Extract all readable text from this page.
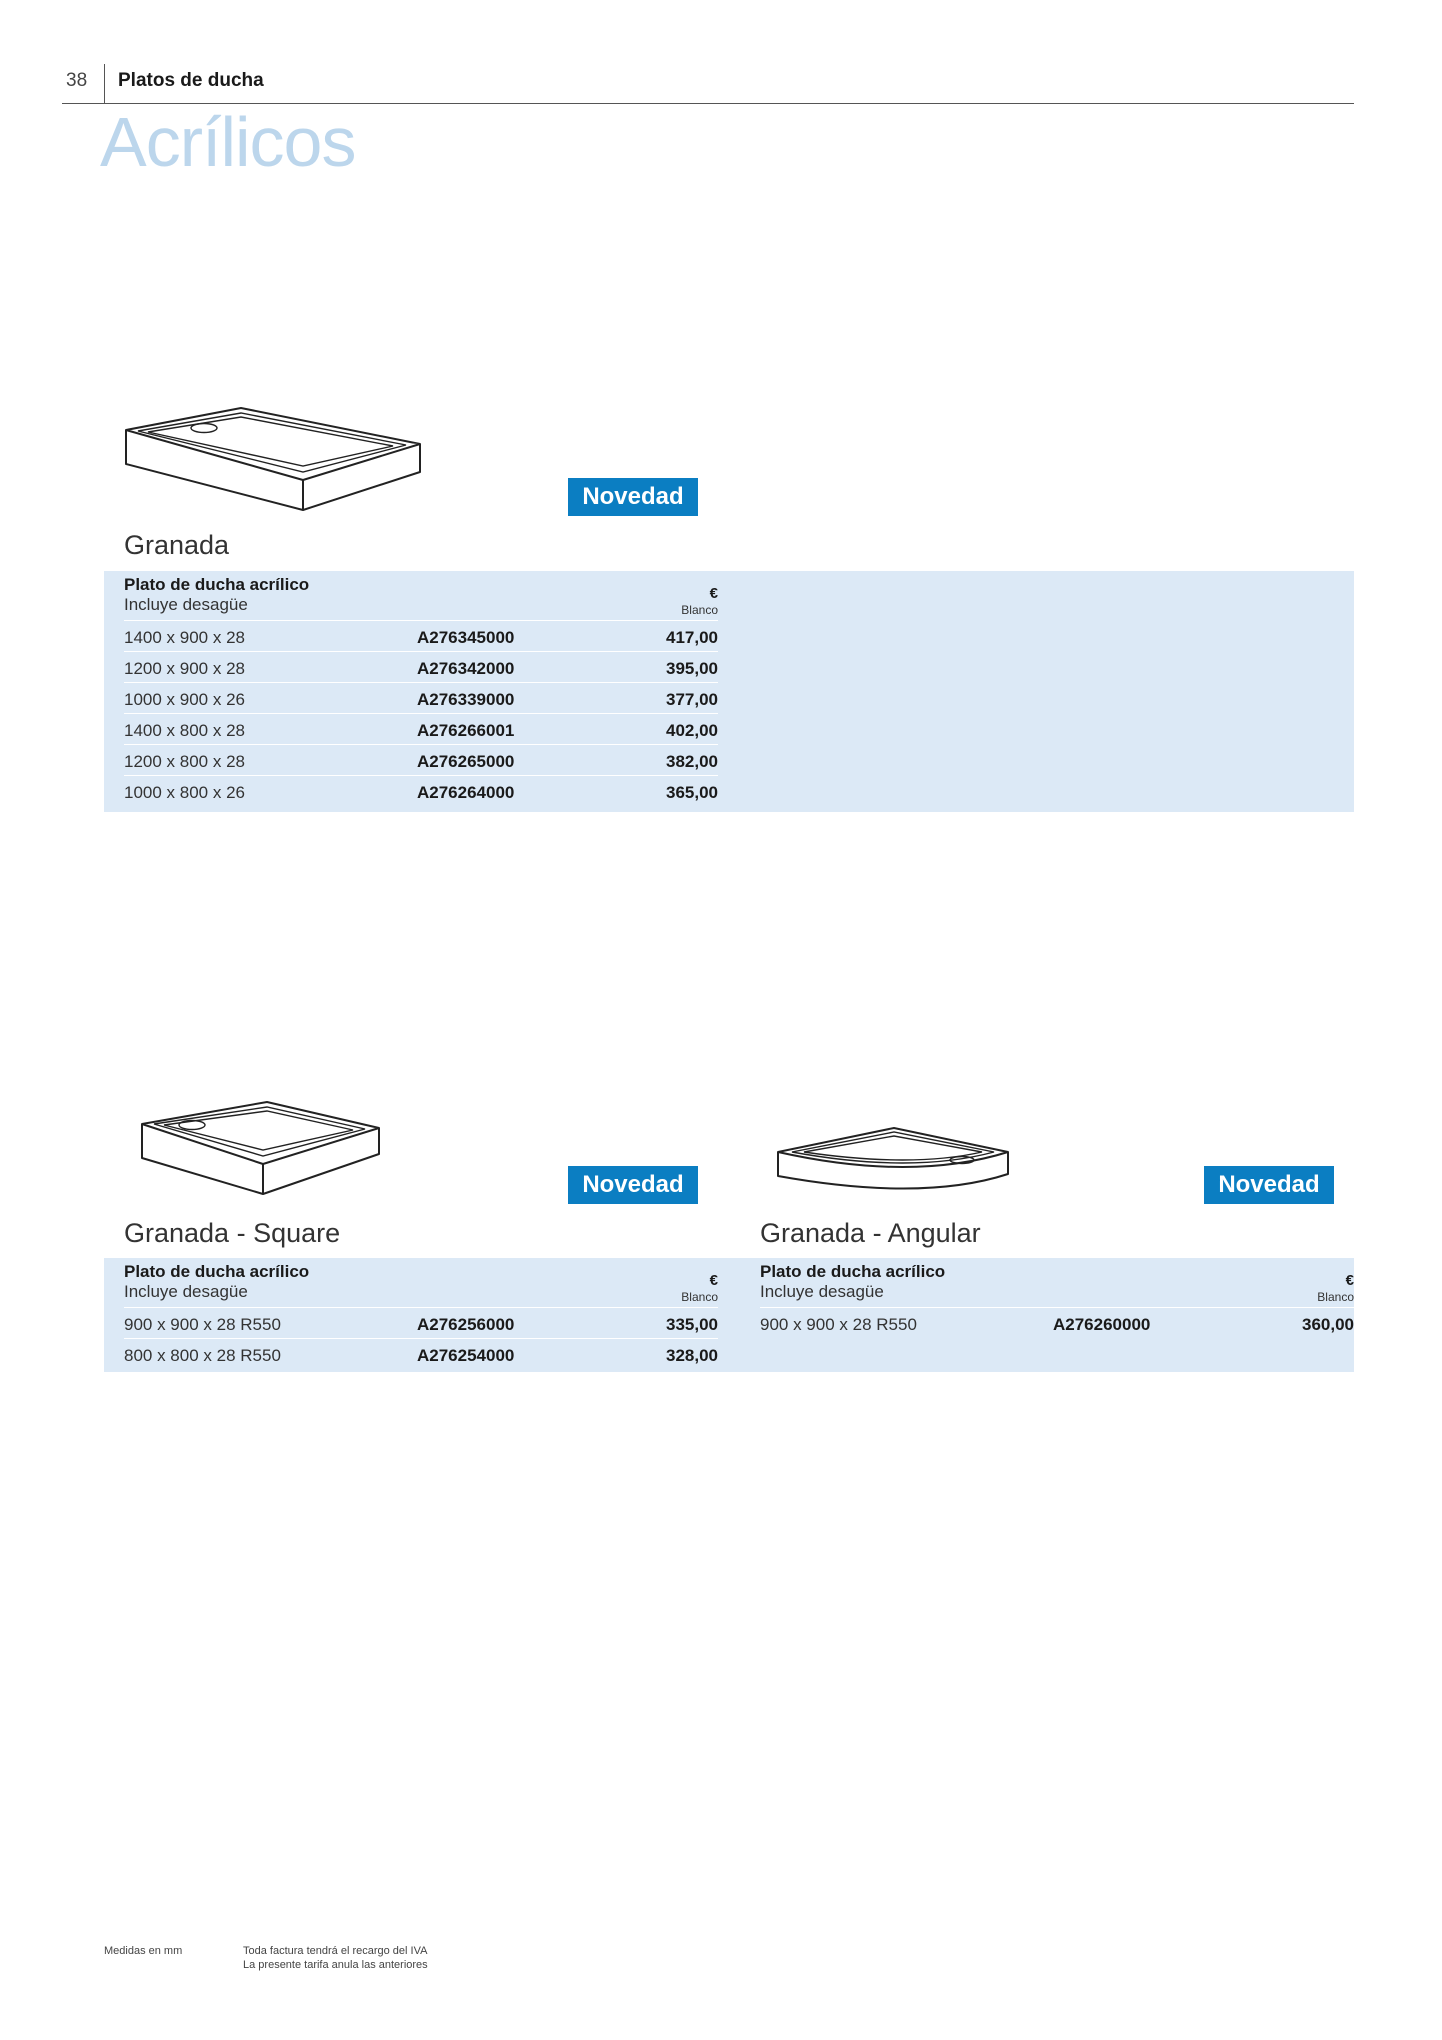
38 Platos de ducha
Acrílicos
Novedad
Granada
Plato de ducha acrílico
Incluye desagüe
€
Blanco
1400 x 900 x 28	A276345000	417,00
1200 x 900 x 28	A276342000	395,00
1000 x 900 x 26	A276339000	377,00
1400 x 800 x 28	A276266001	402,00
1200 x 800 x 28	A276265000	382,00
1000 x 800 x 26	A276264000	365,00
Novedad
Granada - Square
Novedad
Granada - Angular
Plato de ducha acrílico
Incluye desagüe
€
Blanco
900 x 900 x 28 R550	A276256000	335,00
800 x 800 x 28 R550	A276254000	328,00
Plato de ducha acrílico
Incluye desagüe
€
Blanco
900 x 900 x 28 R550	A276260000	360,00
Medidas en mm	Toda factura tendrá el recargo del IVA
La presente tarifa anula las anteriores
